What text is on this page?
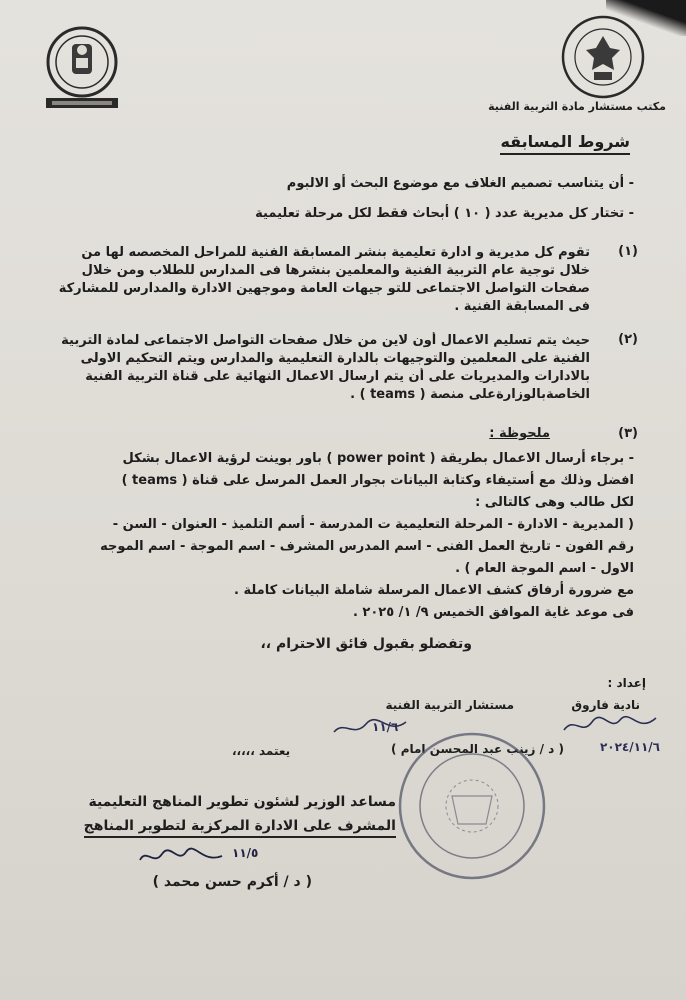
مكتب مستشار مادة التربية الفنية
شروط المسابقه
- أن يتناسب تصميم الغلاف مع موضوع البحث أو الالبوم
- تختار كل مديرية عدد ( ١٠ ) أبحاث فقط لكل مرحلة تعليمية
(١)

تقوم كل مديرية و ادارة تعليمية بنشر المسابقة الفنية للمراحل المخصصه لها من

خلال توجية عام التربية الفنية والمعلمين بنشرها فى المدارس للطلاب ومن خلال

صفحات التواصل الاجتماعى للتو جيهات العامة وموجهين الادارة والمدارس للمشاركة

فى المسابقة الفنية .

(٢)

حيث يتم تسليم الاعمال أون لاين من خلال صفحات التواصل الاجتماعى لمادة التربية

الفنية على المعلمين والتوجيهات بالدارة التعليمية والمدارس ويتم التحكيم الاولى

بالادارات والمديريات على أن يتم ارسال الاعمال النهائية على قناة التربية الفنية

الخاصةبالوزارةعلى منصة ( teams ) .

(٣)
ملحوظة :

- برجاء أرسال الاعمال بطريقة ( power point ) باور بوينت لرؤية الاعمال بشكل

افضل وذلك مع أستيفاء وكتابة البيانات بجوار العمل المرسل على قناة ( teams )

لكل طالب وهى كالتالى :

( المديرية - الادارة - المرحلة التعليمية ت المدرسة - أسم التلميذ - العنوان - السن -

رقم الفون - تاريخ العمل الفنى - اسم المدرس المشرف - اسم الموجة - اسم الموجه

الاول - اسم الموجة العام ) .

مع ضرورة أرفاق كشف الاعمال المرسلة شاملة البيانات كاملة .

فى موعد غاية الموافق الخميس ٩/ ١/ ٢٠٢٥ .

وتفضلو بقبول فائق الاحترام ،،
إعداد :
نادية فاروق
مستشار التربية الفنية
٢٠٢٤/١١/٦
١١/٦
( د / زينب عبد المحسن امام )
يعتمد ،،،،،
مساعد الوزير لشئون تطوير المناهج التعليمية
المشرف على الادارة المركزية لتطوير المناهج
١١/٥
( د / أكرم حسن محمد )
